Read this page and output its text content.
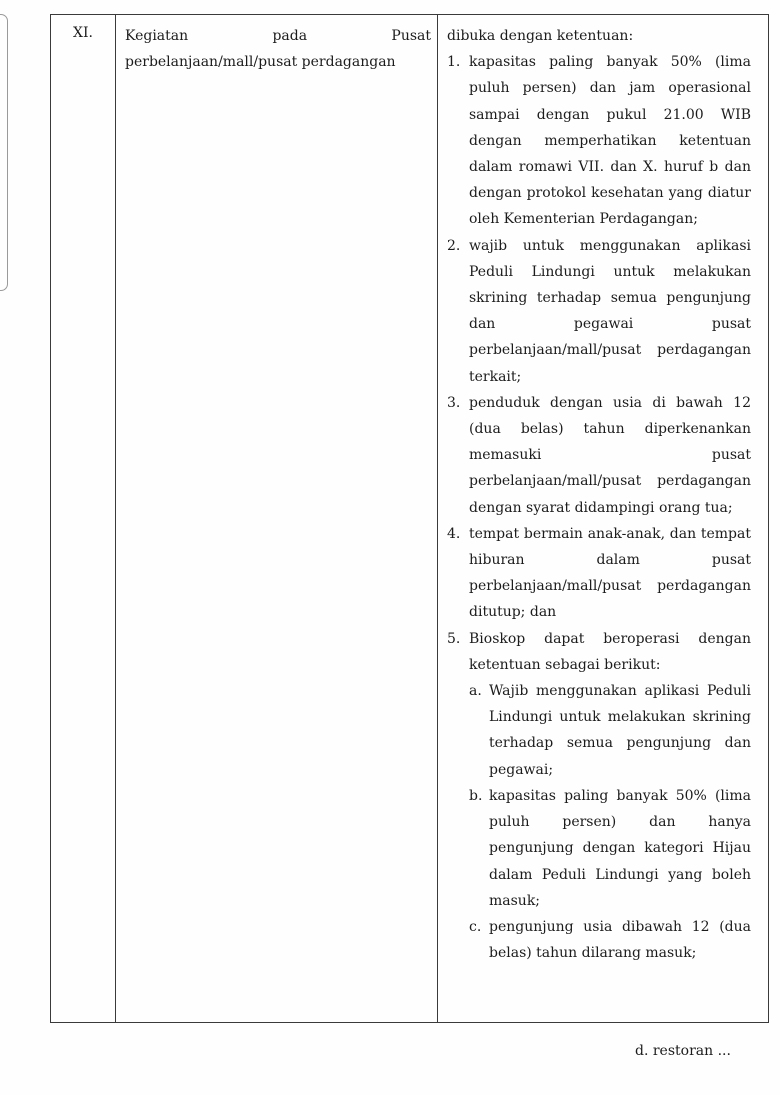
XI. Kegiatan pada Pusat
perbelanjaan/mall/pusat perdagangan
dibuka dengan ketentuan:
1. kapasitas paling banyak 50% (lima puluh persen) dan jam operasional sampai dengan pukul 21.00 WIB dengan memperhatikan ketentuan dalam romawi VII. dan X. huruf b dan dengan protokol kesehatan yang diatur oleh Kementerian Perdagangan;
2. wajib untuk menggunakan aplikasi Peduli Lindungi untuk melakukan skrining terhadap semua pengunjung dan pegawai pusat perbelanjaan/mall/pusat perdagangan terkait;
3. penduduk dengan usia di bawah 12 (dua belas) tahun diperkenankan memasuki pusat perbelanjaan/mall/pusat perdagangan dengan syarat didampingi orang tua;
4. tempat bermain anak-anak, dan tempat hiburan dalam pusat perbelanjaan/mall/pusat perdagangan ditutup; dan
5. Bioskop dapat beroperasi dengan ketentuan sebagai berikut:
a. Wajib menggunakan aplikasi Peduli Lindungi untuk melakukan skrining terhadap semua pengunjung dan pegawai;
b. kapasitas paling banyak 50% (lima puluh persen) dan hanya pengunjung dengan kategori Hijau dalam Peduli Lindungi yang boleh masuk;
c. pengunjung usia dibawah 12 (dua belas) tahun dilarang masuk;
d. restoran ...
